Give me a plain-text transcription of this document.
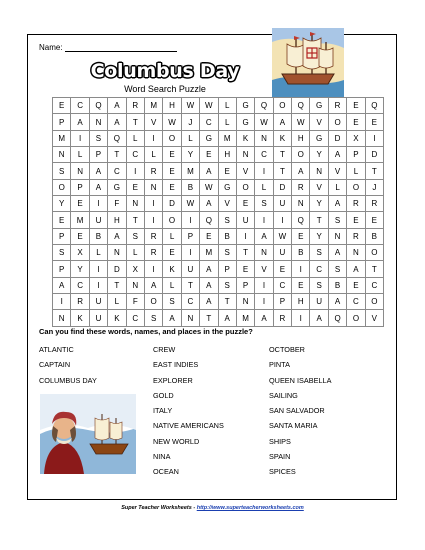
Name:
Columbus Day
Word Search Puzzle
E	C	Q	A	R	M	H	W	W	L	G	Q	O	Q	G	R	E	Q
P	A	N	A	T	V	W	J	C	L	G	W	A	W	V	O	E	E
M	I	S	Q	L	I	O	L	G	M	K	N	K	H	G	D	X	I
N	L	P	T	C	L	E	Y	E	H	N	C	T	O	Y	A	P	D
S	N	A	C	I	R	E	M	A	E	V	I	T	A	N	V	L	T
O	P	A	G	E	N	E	B	W	G	O	L	D	R	V	L	O	J
Y	E	I	F	N	I	D	W	A	V	E	S	U	N	Y	A	R	R
E	M	U	H	T	I	O	I	Q	S	U	I	I	Q	T	S	E	E
P	E	B	A	S	R	L	P	E	B	I	A	W	E	Y	N	R	B
S	X	L	N	L	R	E	I	M	S	T	N	U	B	S	A	N	O
P	Y	I	D	X	I	K	U	A	P	E	V	E	I	C	S	A	T
A	C	I	T	N	A	L	T	A	S	P	I	C	E	S	B	E	C
I	R	U	L	F	O	S	C	A	T	N	I	P	H	U	A	C	O
N	K	U	K	C	S	A	N	T	A	M	A	R	I	A	Q	O	V
Can you find these words, names, and places in the puzzle?
ATLANTIC
CAPTAIN
COLUMBUS DAY
CREW
EAST INDIES
EXPLORER
GOLD
ITALY
NATIVE AMERICANS
NEW WORLD
NINA
OCEAN
OCTOBER
PINTA
QUEEN ISABELLA
SAILING
SAN SALVADOR
SANTA MARIA
SHIPS
SPAIN
SPICES
Super Teacher Worksheets - http://www.superteacherworksheets.com
